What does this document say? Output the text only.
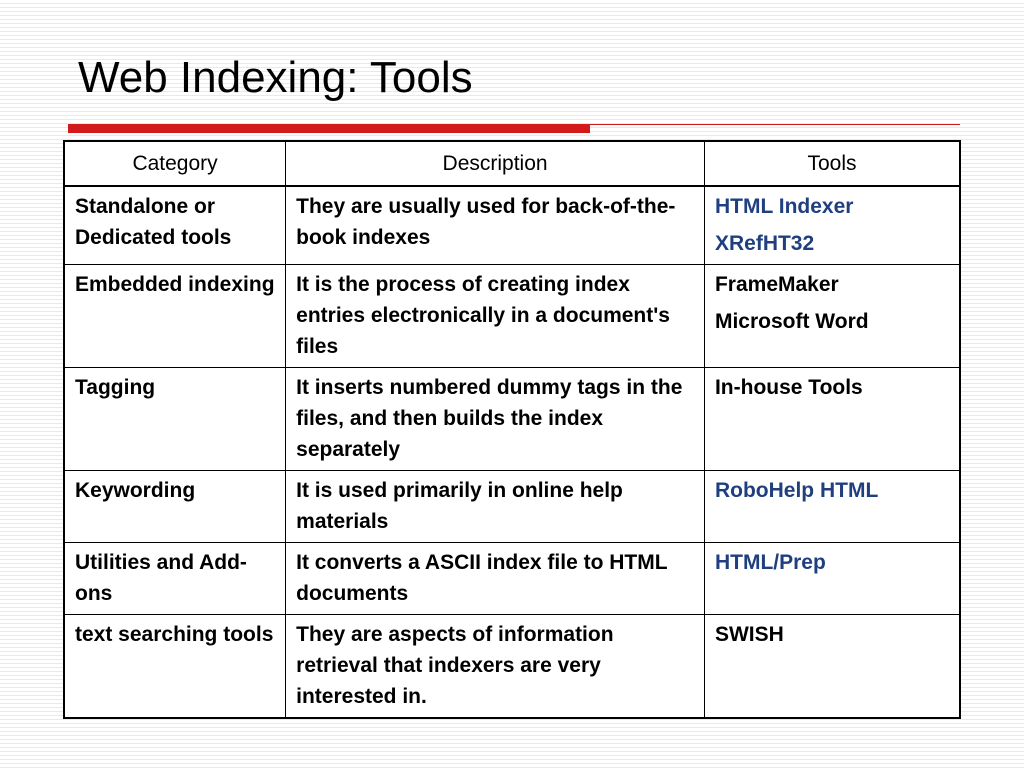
Web Indexing: Tools
Category	Description	Tools
Standalone or Dedicated tools	They are usually used for back-of-the-book indexes	HTML Indexer
XRefHT32

Embedded indexing	It is the process of creating index entries electronically in a document's files	FrameMaker
Microsoft Word

Tagging	It inserts numbered dummy tags in the files, and then builds the index separately	In-house Tools

Keywording	It is used primarily in online help materials	RoboHelp HTML

Utilities and Add-ons	It converts a ASCII index file to HTML documents	HTML/Prep

text searching tools	They are aspects of information retrieval that indexers are very interested in.	SWISH
